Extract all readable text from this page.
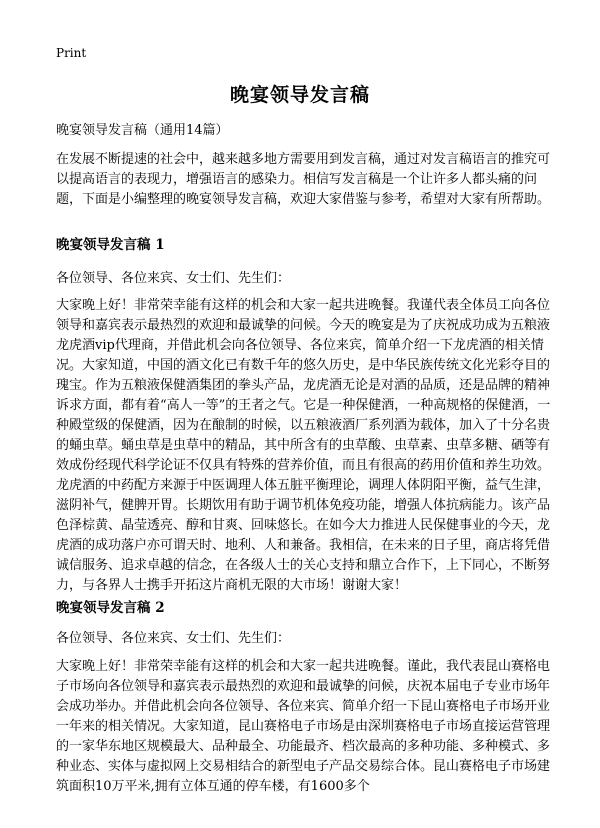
Print
晚宴领导发言稿

晚宴领导发言稿（通用14篇）

在发展不断提速的社会中，越来越多地方需要用到发言稿，通过对发言稿语言的推究可以提高语言的表现力，增强语言的感染力。相信写发言稿是一个让许多人都头痛的问题，下面是小编整理的晚宴领导发言稿，欢迎大家借鉴与参考，希望对大家有所帮助。

晚宴领导发言稿 1

各位领导、各位来宾、女士们、先生们：

大家晚上好！非常荣幸能有这样的机会和大家一起共进晚餐。我谨代表全体员工向各位领导和嘉宾表示最热烈的欢迎和最诚挚的问候。今天的晚宴是为了庆祝成功成为五粮液龙虎酒vip代理商，并借此机会向各位领导、各位来宾，简单介绍一下龙虎酒的相关情况。大家知道，中国的酒文化已有数千年的悠久历史，是中华民族传统文化光彩夺目的瑰宝。作为五粮液保健酒集团的拳头产品，龙虎酒无论是对酒的品质，还是品牌的精神诉求方面，都有着“高人一等”的王者之气。它是一种保健酒，一种高规格的保健酒，一种殿堂级的保健酒，因为在酿制的时候，以五粮液酒厂系列酒为载体，加入了十分名贵的蛹虫草。蛹虫草是虫草中的精品，其中所含有的虫草酸、虫草素、虫草多糖、硒等有效成份经现代科学论证不仅具有特殊的营养价值，而且有很高的药用价值和养生功效。龙虎酒的中药配方来源于中医调理人体五脏平衡理论，调理人体阴阳平衡，益气生津，滋阴补气，健脾开胃。长期饮用有助于调节机体免疫功能，增强人体抗病能力。该产品色泽棕黄、晶莹透亮、醇和甘爽、回味悠长。在如今大力推进人民保健事业的今天，龙虎酒的成功落户亦可谓天时、地利、人和兼备。我相信，在未来的日子里，商店将凭借诚信服务、追求卓越的信念，在各级人士的关心支持和鼎立合作下，上下同心，不断努力，与各界人士携手开拓这片商机无限的大市场！谢谢大家！

晚宴领导发言稿 2

各位领导、各位来宾、女士们、先生们：

大家晚上好！非常荣幸能有这样的机会和大家一起共进晚餐。谨此，我代表昆山赛格电子市场向各位领导和嘉宾表示最热烈的欢迎和最诚挚的问候，庆祝本届电子专业市场年会成功举办。并借此机会向各位领导、各位来宾、简单介绍一下昆山赛格电子市场开业一年来的相关情况。大家知道，昆山赛格电子市场是由深圳赛格电子市场直接运营管理的一家华东地区规模最大、品种最全、功能最齐、档次最高的多种功能、多种模式、多种业态、实体与虚拟网上交易相结合的新型电子产品交易综合体。昆山赛格电子市场建筑面积10万平米,拥有立体互通的停车楼，有1600多个
